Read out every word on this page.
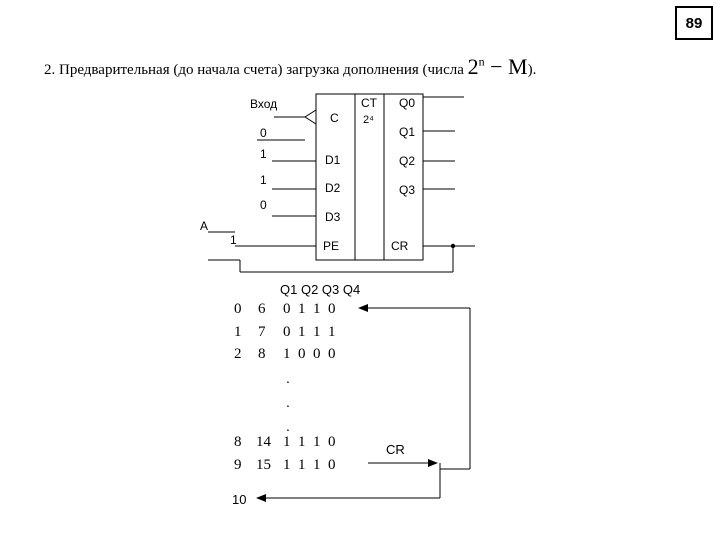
89
2. Предварительная (до начала счета) загрузка дополнения (числа $2^n - M$).
Вход
A
1
0
1
1
0
C
D1
D2
D3
PE
CT
2⁴
Q0
Q1
Q2
Q3
CR
Q1 Q2 Q3 Q4
0 6 0  1  1  0
1 7 0  1  1  1
2 8 1  0  0  0
.
.
.
8 14 1  1  1  0
9 15 1  1  1  0
CR
10
